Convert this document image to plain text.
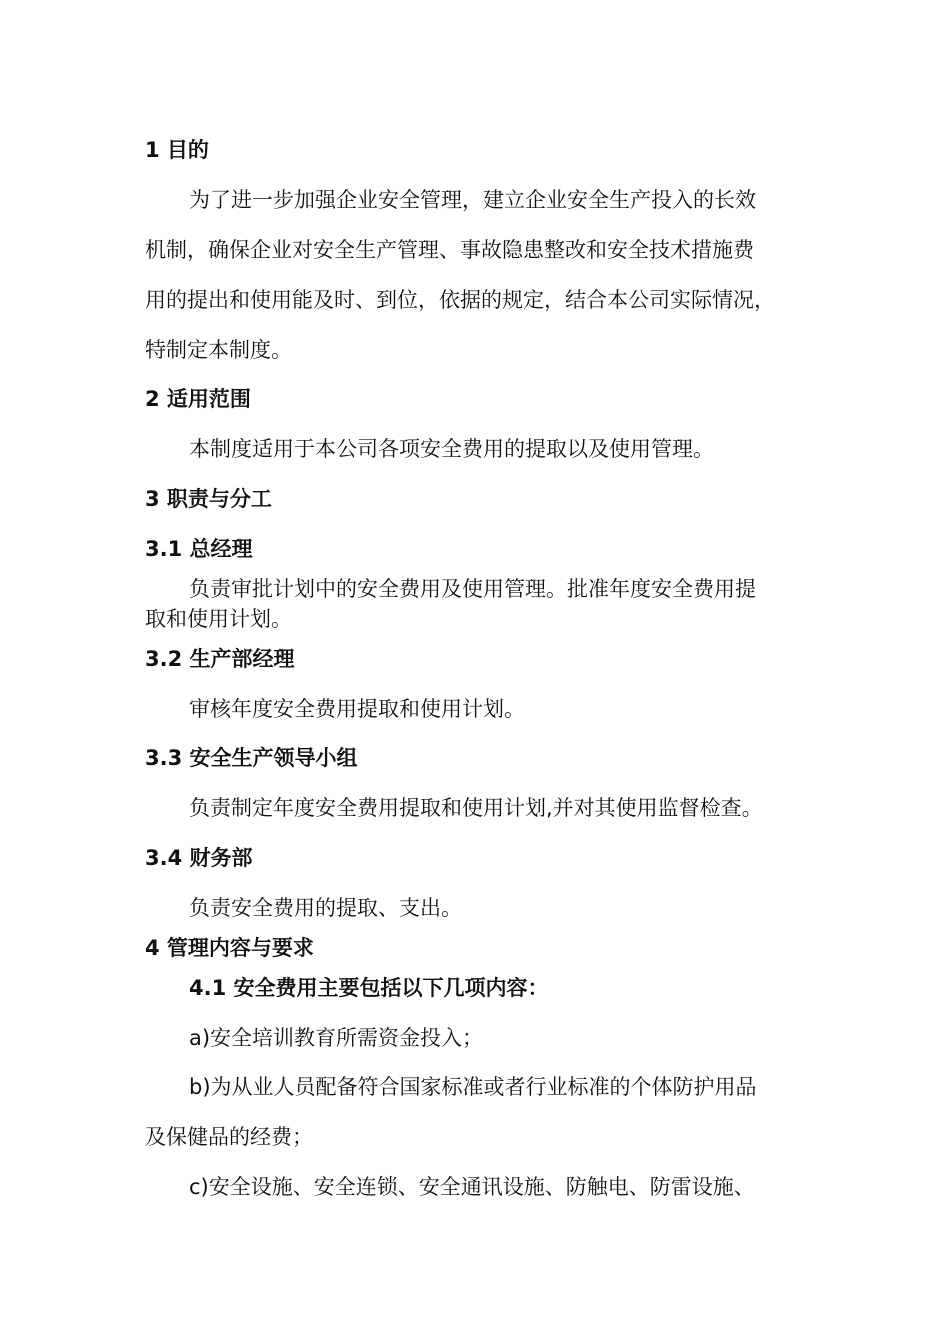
1 目的
为了进一步加强企业安全管理，建立企业安全生产投入的长效
机制，确保企业对安全生产管理、事故隐患整改和安全技术措施费
用的提出和使用能及时、到位，依据的规定，结合本公司实际情况，
特制定本制度。
2 适用范围
本制度适用于本公司各项安全费用的提取以及使用管理。
3 职责与分工
3.1 总经理
负责审批计划中的安全费用及使用管理。批准年度安全费用提
取和使用计划。
3.2 生产部经理
审核年度安全费用提取和使用计划。
3.3 安全生产领导小组
负责制定年度安全费用提取和使用计划,并对其使用监督检查。
3.4 财务部
负责安全费用的提取、支出。
4 管理内容与要求
4.1 安全费用主要包括以下几项内容：
a)安全培训教育所需资金投入；
b)为从业人员配备符合国家标准或者行业标准的个体防护用品
及保健品的经费；
c)安全设施、安全连锁、安全通讯设施、防触电、防雷设施、
